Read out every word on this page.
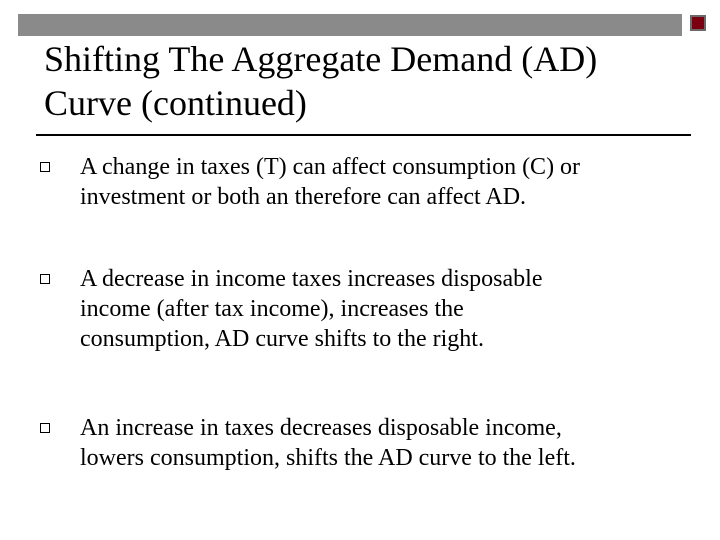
Shifting The Aggregate Demand (AD)
Curve (continued)
A change in taxes (T) can affect consumption (C) or
investment or both an therefore can affect AD.
A decrease in income taxes increases disposable
income (after tax income), increases the
consumption, AD curve shifts to the right.
An increase in taxes decreases disposable income,
lowers consumption, shifts the AD curve to the left.
